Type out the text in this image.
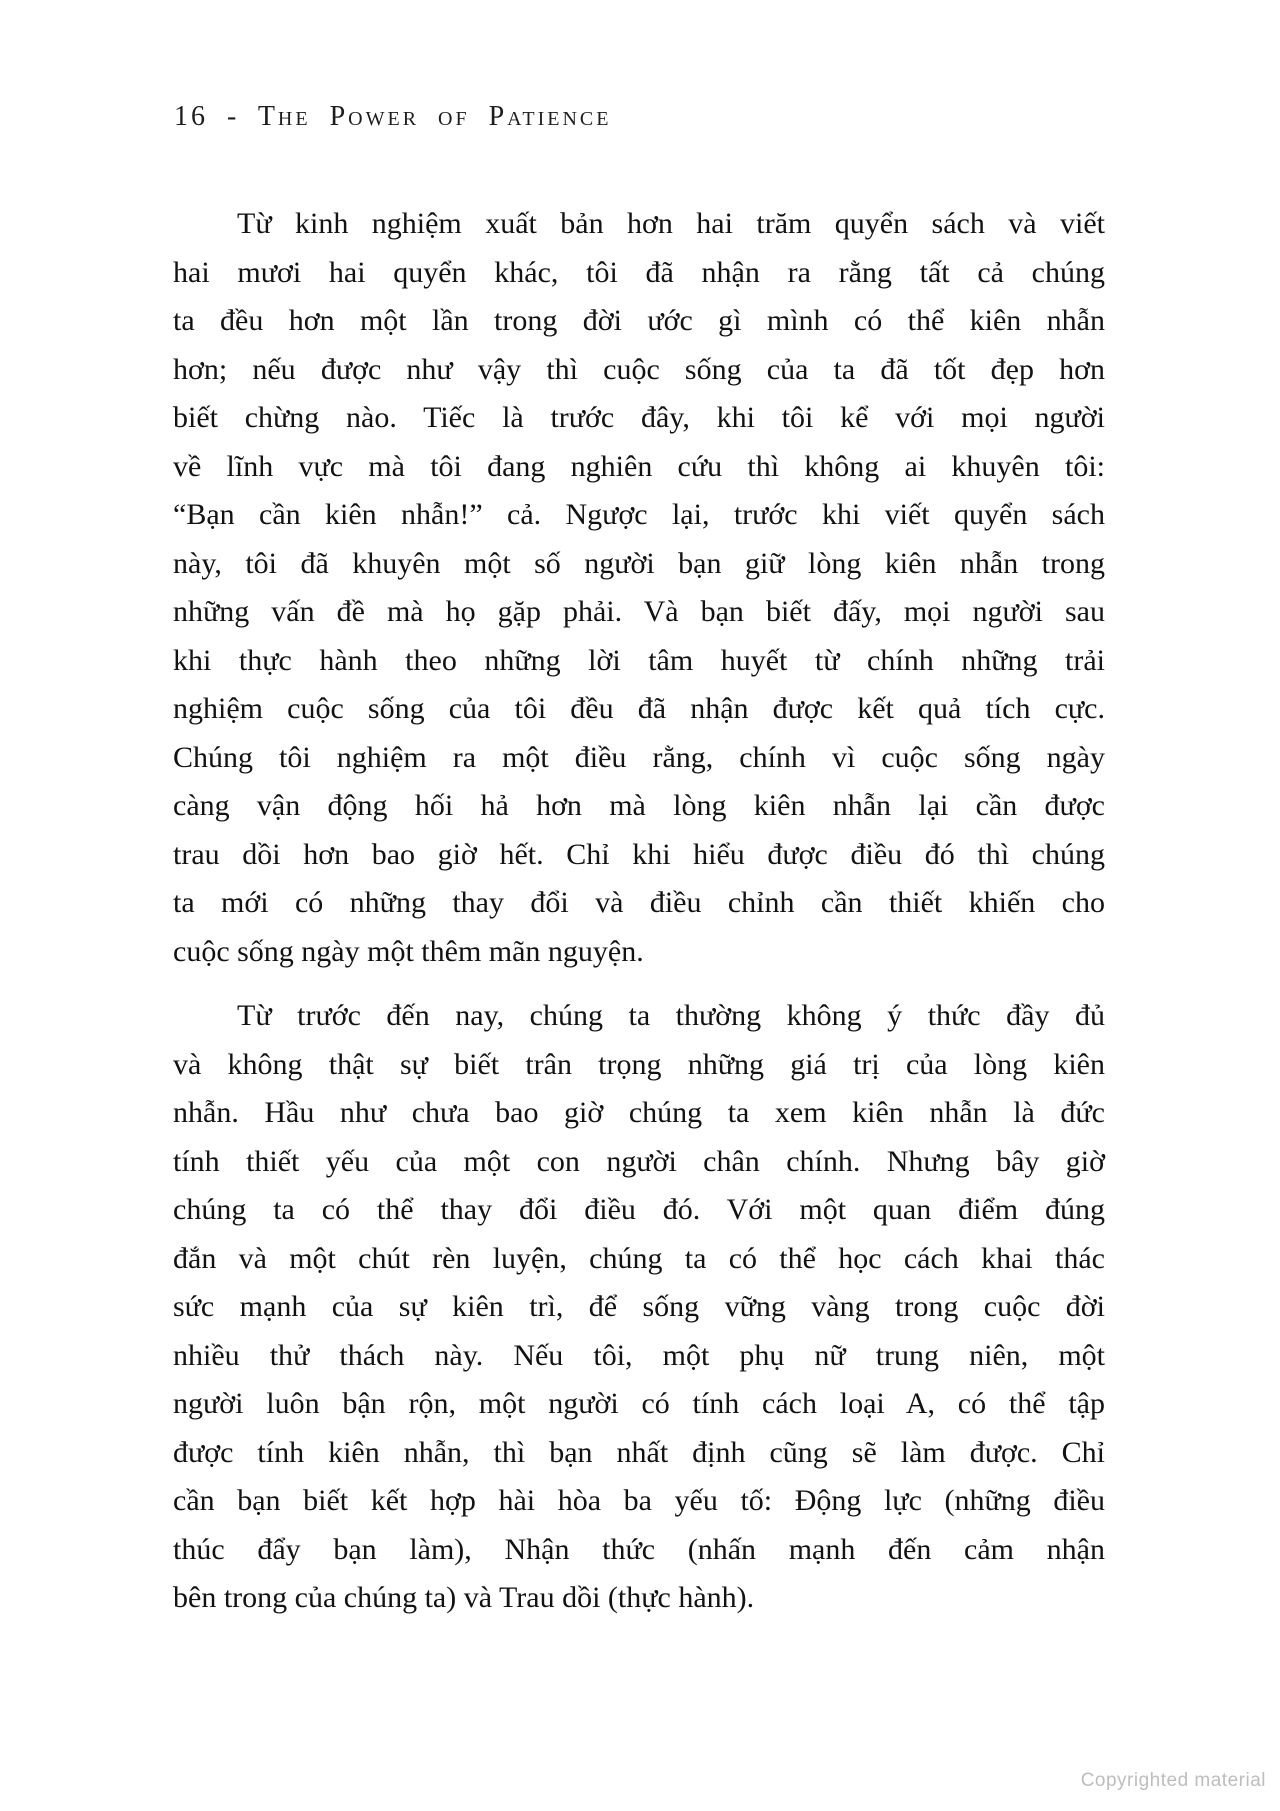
16 - The Power of Patience
Từ kinh nghiệm xuất bản hơn hai trăm quyển sách và viết
hai mươi hai quyển khác, tôi đã nhận ra rằng tất cả chúng
ta đều hơn một lần trong đời ước gì mình có thể kiên nhẫn
hơn; nếu được như vậy thì cuộc sống của ta đã tốt đẹp hơn
biết chừng nào. Tiếc là trước đây, khi tôi kể với mọi người
về lĩnh vực mà tôi đang nghiên cứu thì không ai khuyên tôi:
“Bạn cần kiên nhẫn!” cả. Ngược lại, trước khi viết quyển sách
này, tôi đã khuyên một số người bạn giữ lòng kiên nhẫn trong
những vấn đề mà họ gặp phải. Và bạn biết đấy, mọi người sau
khi thực hành theo những lời tâm huyết từ chính những trải
nghiệm cuộc sống của tôi đều đã nhận được kết quả tích cực.
Chúng tôi nghiệm ra một điều rằng, chính vì cuộc sống ngày
càng vận động hối hả hơn mà lòng kiên nhẫn lại cần được
trau dồi hơn bao giờ hết. Chỉ khi hiểu được điều đó thì chúng
ta mới có những thay đổi và điều chỉnh cần thiết khiến cho
cuộc sống ngày một thêm mãn nguyện.
Từ trước đến nay, chúng ta thường không ý thức đầy đủ
và không thật sự biết trân trọng những giá trị của lòng kiên
nhẫn. Hầu như chưa bao giờ chúng ta xem kiên nhẫn là đức
tính thiết yếu của một con người chân chính. Nhưng bây giờ
chúng ta có thể thay đổi điều đó. Với một quan điểm đúng
đắn và một chút rèn luyện, chúng ta có thể học cách khai thác
sức mạnh của sự kiên trì, để sống vững vàng trong cuộc đời
nhiều thử thách này. Nếu tôi, một phụ nữ trung niên, một
người luôn bận rộn, một người có tính cách loại A, có thể tập
được tính kiên nhẫn, thì bạn nhất định cũng sẽ làm được. Chỉ
cần bạn biết kết hợp hài hòa ba yếu tố: Động lực (những điều
thúc đẩy bạn làm), Nhận thức (nhấn mạnh đến cảm nhận
bên trong của chúng ta) và Trau dồi (thực hành).
Copyrighted material
